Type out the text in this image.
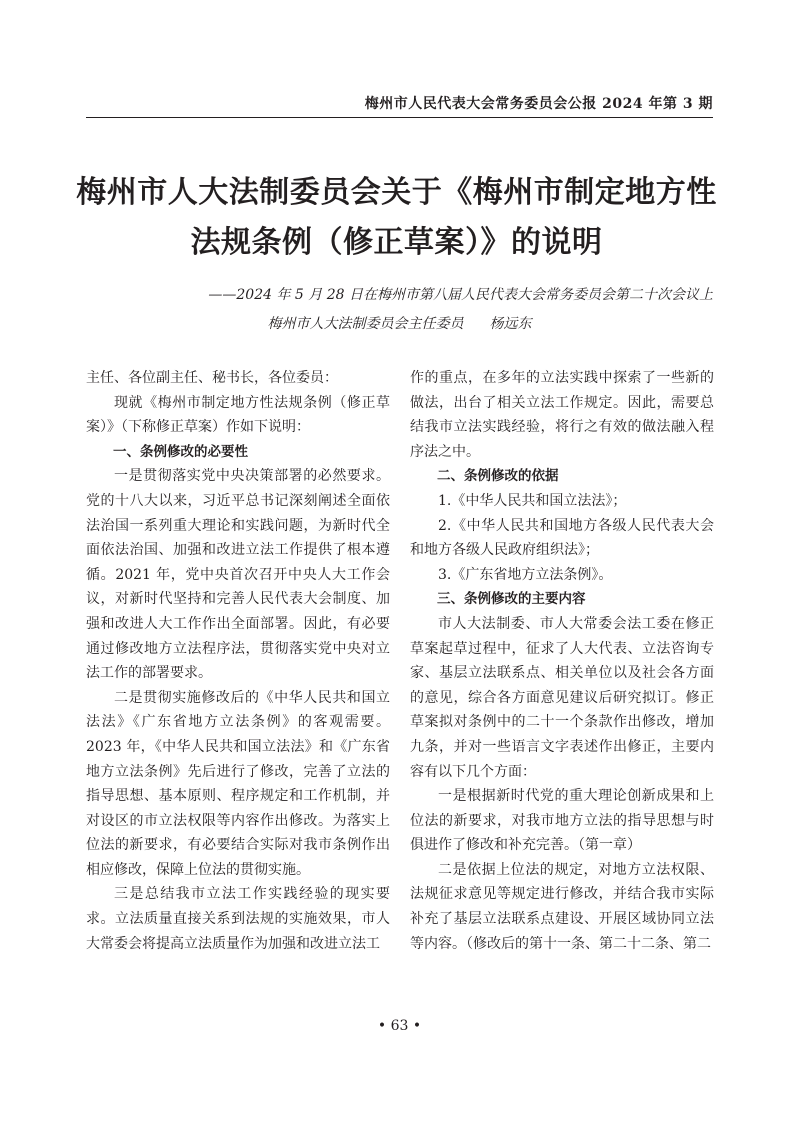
梅州市人民代表大会常务委员会公报 2024 年第 3 期
梅州市人大法制委员会关于《梅州市制定地方性
法规条例（修正草案）》的说明
——2024 年 5 月 28 日在梅州市第八届人民代表大会常务委员会第二十次会议上
梅州市人大法制委员会主任委员 杨远东

主任、各位副主任、秘书长，各位委员：

现就《梅州市制定地方性法规条例（修正草案）》（下称修正草案）作如下说明：

一、条例修改的必要性

一是贯彻落实党中央决策部署的必然要求。党的十八大以来，习近平总书记深刻阐述全面依法治国一系列重大理论和实践问题，为新时代全面依法治国、加强和改进立法工作提供了根本遵循。2021 年，党中央首次召开中央人大工作会议，对新时代坚持和完善人民代表大会制度、加强和改进人大工作作出全面部署。因此，有必要通过修改地方立法程序法，贯彻落实党中央对立法工作的部署要求。

二是贯彻实施修改后的《中华人民共和国立法法》《广东省地方立法条例》的客观需要。2023 年，《中华人民共和国立法法》和《广东省地方立法条例》先后进行了修改，完善了立法的指导思想、基本原则、程序规定和工作机制，并对设区的市立法权限等内容作出修改。为落实上位法的新要求，有必要结合实际对我市条例作出相应修改，保障上位法的贯彻实施。

三是总结我市立法工作实践经验的现实要求。立法质量直接关系到法规的实施效果，市人大常委会将提高立法质量作为加强和改进立法工

作的重点，在多年的立法实践中探索了一些新的做法，出台了相关立法工作规定。因此，需要总结我市立法实践经验，将行之有效的做法融入程序法之中。

二、条例修改的依据

1.《中华人民共和国立法法》；

2.《中华人民共和国地方各级人民代表大会和地方各级人民政府组织法》；

3.《广东省地方立法条例》。

三、条例修改的主要内容

市人大法制委、市人大常委会法工委在修正草案起草过程中，征求了人大代表、立法咨询专家、基层立法联系点、相关单位以及社会各方面的意见，综合各方面意见建议后研究拟订。修正草案拟对条例中的二十一个条款作出修改，增加九条，并对一些语言文字表述作出修正，主要内容有以下几个方面：

一是根据新时代党的重大理论创新成果和上位法的新要求，对我市地方立法的指导思想与时俱进作了修改和补充完善。（第一章）

二是依据上位法的规定，对地方立法权限、法规征求意见等规定进行修改，并结合我市实际补充了基层立法联系点建设、开展区域协同立法等内容。（修改后的第十一条、第二十二条、第二

• 63 •
